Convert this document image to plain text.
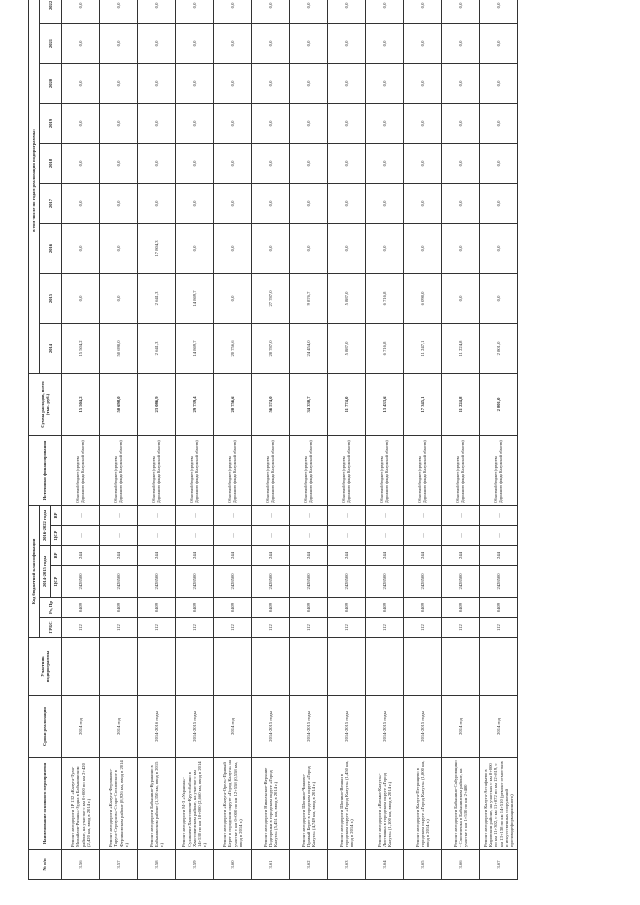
№ п/п	Наименование основного мероприятия	Сроки реализации	Участник подпрограммы	Код бюджетной классификации						Источники финансирования	Сумма расходов, всего (тыс. руб.)	в том числе по годам реализации подпрограммы:								
				ГРБС	Рз, Пр	2014-2015 годы		2016-2022 годы				2014	2015	2016	2017	2018	2019	2020	2021	2022
						ЦСР	ВР	ЦСР	ВР											
3.56	Ремонт автодороги 1Р 132 «Калуга-Тула-Михайлов-Рязань»-Зудна в Бабынинском районе, на участке с км 0+000 по км 2+420 (2,420 км, ввод в 2014 г.)	2014 год		112	0409	2428500	244	—	—	Областной бюджет (средства Дорожного фонда Калужской области)	15 504,2	15 504,2	0,0	0,0	0,0	0,0	0,0	0,0	0,0	0,0
3.57	Ремонт автодороги «Калуга-Ферзиково-Таруса-Серпухов»-Старо-Сосновское в Ферзиковском районе (8,926 км, ввод в 2014 г.)	2014 год		112	0409	2428500	244	—	—	Областной бюджет (средства Дорожного фонда Калужской области)	50 698,0	50 698,0	0,0	0,0	0,0	0,0	0,0	0,0	0,0	0,0
3.58	Ремонт автодороги Бабынино-Куракино в Бабынинском районе (1,350 км, ввод в 2015 г.)	2014-2016 годы		112	0409	2428500	244	—	—	Областной бюджет (средства Дорожного фонда Калужской области)	23 086,9	2 641,3	2 641,3	17 804,3	0,0	0,0	0,0	0,0	0,0	0,0
3.59	Ремонт автодороги М-3 «Украина»-Сухиничи-Хвастовичи-Крутобабино в Хвастовичском районе, на участке с км 14+530 по км 18+000 (2,660 км, ввод в 2014 г.)	2014-2015 годы		112	0409	2428500	244	—	—	Областной бюджет (средства Дорожного фонда Калужской области)	29 739,4	14 869,7	14 869,7	0,0	0,0	0,0	0,0	0,0	0,0	0,0
3.60	Ремонт автодороги «Калуга-Орел»-Правый Берег в городском округе «Город Калуга» на участке с км 0+000 по км 12+558 (0,558 км, ввод в 2014 г.)	2014 год		112	0409	2428500	244	—	—	Областной бюджет (средства Дорожного фонда Калужской области)	20 756,6	20 756,6	0,0	0,0	0,0	0,0	0,0	0,0	0,0	0,0
3.61	Ремонт автодороги Никольское-Верхние Подгоренки в городском округе «Город Калуга» (5,451 км, ввод в 2014 г.)	2014-2015 годы		112	0409	2428500	244	—	—	Областной бюджет (средства Дорожного фонда Калужской области)	56 574,0	28 787,0	27 787,0	0,0	0,0	0,0	0,0	0,0	0,0	0,0
3.62	Ремонт автодороги Шопино-Чижово-Правый Берег в городском округе «Город Калуга» (4,749 км, ввод в 2014 г.)	2014-2015 годы		112	0409	2428500	244	—	—	Областной бюджет (средства Дорожного фонда Калужской области)	34 330,7	24 454,0	9 876,7	0,0	0,0	0,0	0,0	0,0	0,0	0,0
3.63	Ремонт автодороги Шопино-Вешки в городском округе «Город Калуга» (1,450 км, ввод в 2014 г.)	2014-2015 годы		112	0409	2428500	244	—	—	Областной бюджет (средства Дорожного фонда Калужской области)	11 774,0	5 887,0	5 887,0	0,0	0,0	0,0	0,0	0,0	0,0	0,0
3.64	Ремонт автодороги «Вязьма-Калуга»-Листвянка в городском округе «Город Калуга» (1,100 км, ввод в 2014 г.)	2014-2015 годы		112	0409	2428500	244	—	—	Областной бюджет (средства Дорожного фонда Калужской области)	13 433,6	6 716,8	6 716,8	0,0	0,0	0,0	0,0	0,0	0,0	0,0
3.65	Ремонт автодороги Калуга-Петрищево в городском округе «Город Калуга» (1,800 км, ввод в 2014 г.)	2014-2015 годы		112	0409	2428500	244	—	—	Областной бюджет (средства Дорожного фонда Калужской области)	17 345,1	11 247,1	6 098,0	0,0	0,0	0,0	0,0	0,0	0,0	0,0
3.66	Ремонт автодороги Бабынино-Сабуровщино - Слопеленка в Бабынинском районе, на участке с км 1+530 по км 2+480	2014 год		112	0409	2428500	244	—	—	Областной бюджет (средства Дорожного фонда Калужской области)	11 224,8	11 224,8	0,0	0,0	0,0	0,0	0,0	0,0	0,0	0,0
3.67	Ремонт автодороги Калуга-Астафьево в Кировском районе, на участках с км 8+000 по км 11+302, с км 11+872 по км 12+819, с км 13+138 по км 14+510 (ремонт отмостков и искусственных сооружений противодеформационного)	2014 год		112	0409	2428500	244	—	—	Областной бюджет (средства Дорожного фонда Калужской области)	2 801,0	2 801,0	0,0	0,0	0,0	0,0	0,0	0,0	0,0	0,0
